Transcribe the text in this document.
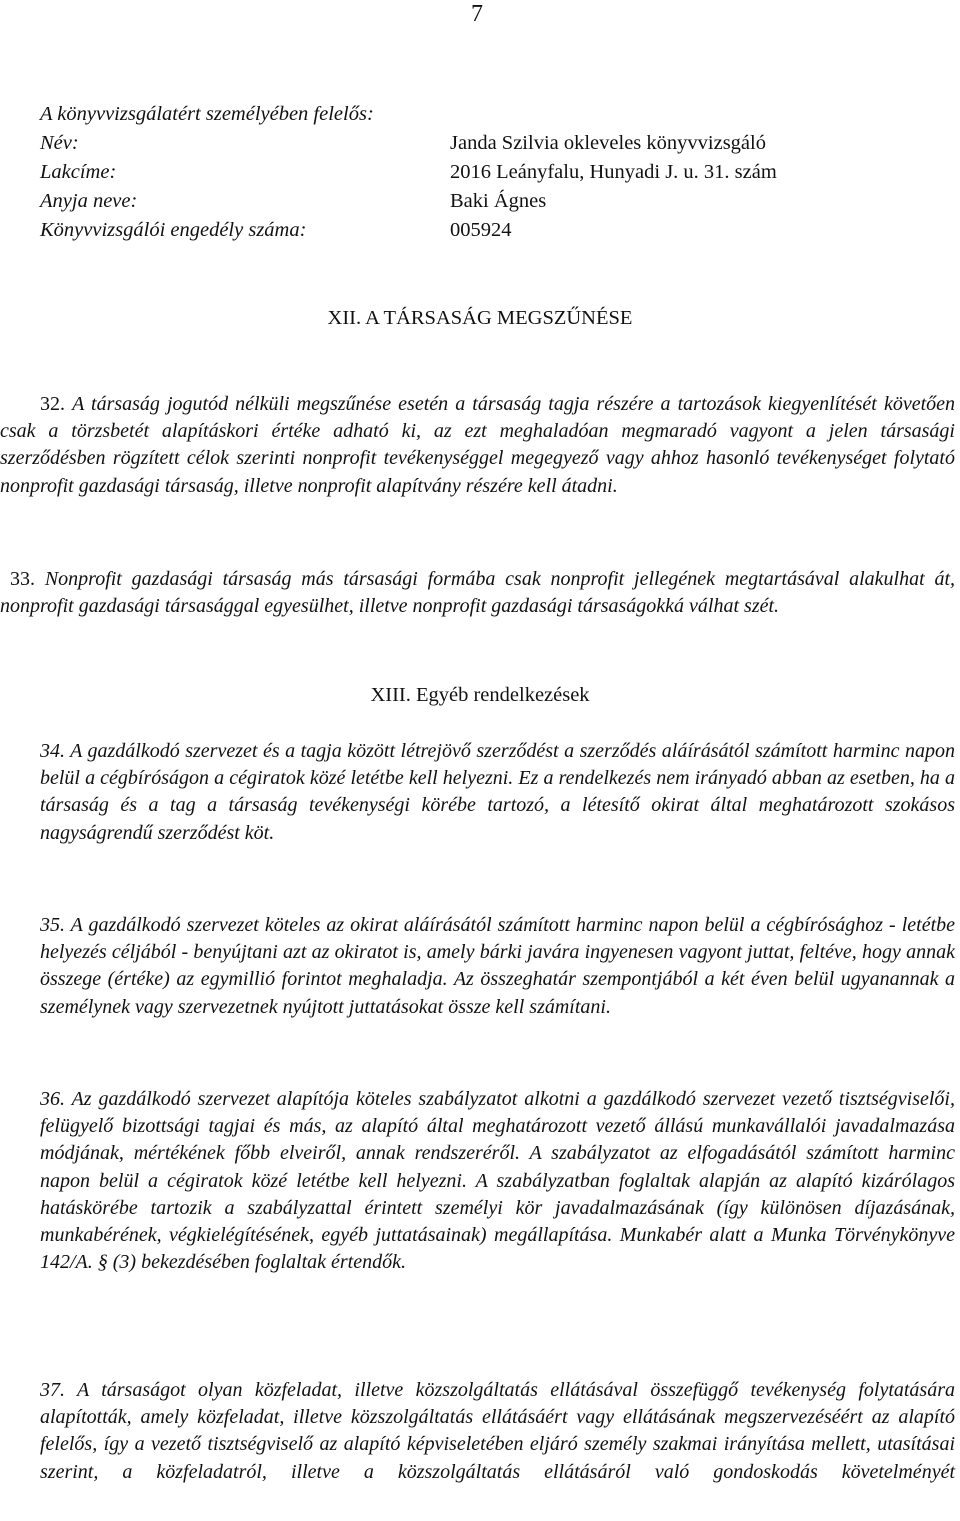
7
A könyvvizsgálatért személyében felelős:
Név:	Janda Szilvia okleveles könyvvizsgáló
Lakcíme:	2016 Leányfalu, Hunyadi J. u. 31. szám
Anyja neve:	Baki Ágnes
Könyvvizsgálói engedély száma:	005924
XII. A TÁRSASÁG MEGSZŰNÉSE
32. A társaság jogutód nélküli megszűnése esetén a társaság tagja részére a tartozások kiegyenlítését követően csak a törzsbetét alapításkori értéke adható ki, az ezt meghaladóan megmaradó vagyont a jelen társasági szerződésben rögzített célok szerinti nonprofit tevékenységgel megegyező vagy ahhoz hasonló tevékenységet folytató nonprofit gazdasági társaság, illetve nonprofit alapítvány részére kell átadni.
33. Nonprofit gazdasági társaság más társasági formába csak nonprofit jellegének megtartásával alakulhat át, nonprofit gazdasági társasággal egyesülhet, illetve nonprofit gazdasági társaságokká válhat szét.
XIII. Egyéb rendelkezések
34. A gazdálkodó szervezet és a tagja között létrejövő szerződést a szerződés aláírásától számított harminc napon belül a cégbíróságon a cégiratok közé letétbe kell helyezni. Ez a rendelkezés nem irányadó abban az esetben, ha a társaság és a tag a társaság tevékenységi körébe tartozó, a létesítő okirat által meghatározott szokásos nagyságrendű szerződést köt.
35. A gazdálkodó szervezet köteles az okirat aláírásától számított harminc napon belül a cégbírósághoz - letétbe helyezés céljából - benyújtani azt az okiratot is, amely bárki javára ingyenesen vagyont juttat, feltéve, hogy annak összege (értéke) az egymillió forintot meghaladja. Az összeghatár szempontjából a két éven belül ugyanannak a személynek vagy szervezetnek nyújtott juttatásokat össze kell számítani.
36. Az gazdálkodó szervezet alapítója köteles szabályzatot alkotni a gazdálkodó szervezet vezető tisztségviselői, felügyelő bizottsági tagjai és más, az alapító által meghatározott vezető állású munkavállalói javadalmazása módjának, mértékének főbb elveiről, annak rendszeréről. A szabályzatot az elfogadásától számított harminc napon belül a cégiratok közé letétbe kell helyezni. A szabályzatban foglaltak alapján az alapító kizárólagos hatáskörébe tartozik a szabályzattal érintett személyi kör javadalmazásának (így különösen díjazásának, munkabérének, végkielégítésének, egyéb juttatásainak) megállapítása. Munkabér alatt a Munka Törvénykönyve 142/A. § (3) bekezdésében foglaltak értendők.
37. A társaságot olyan közfeladat, illetve közszolgáltatás ellátásával összefüggő tevékenység folytatására alapították, amely közfeladat, illetve közszolgáltatás ellátásáért vagy ellátásának megszervezéséért az alapító felelős, így a vezető tisztségviselő az alapító képviseletében eljáró személy szakmai irányítása mellett, utasításai szerint, a közfeladatról, illetve a közszolgáltatás ellátásáról való gondoskodás követelményét
